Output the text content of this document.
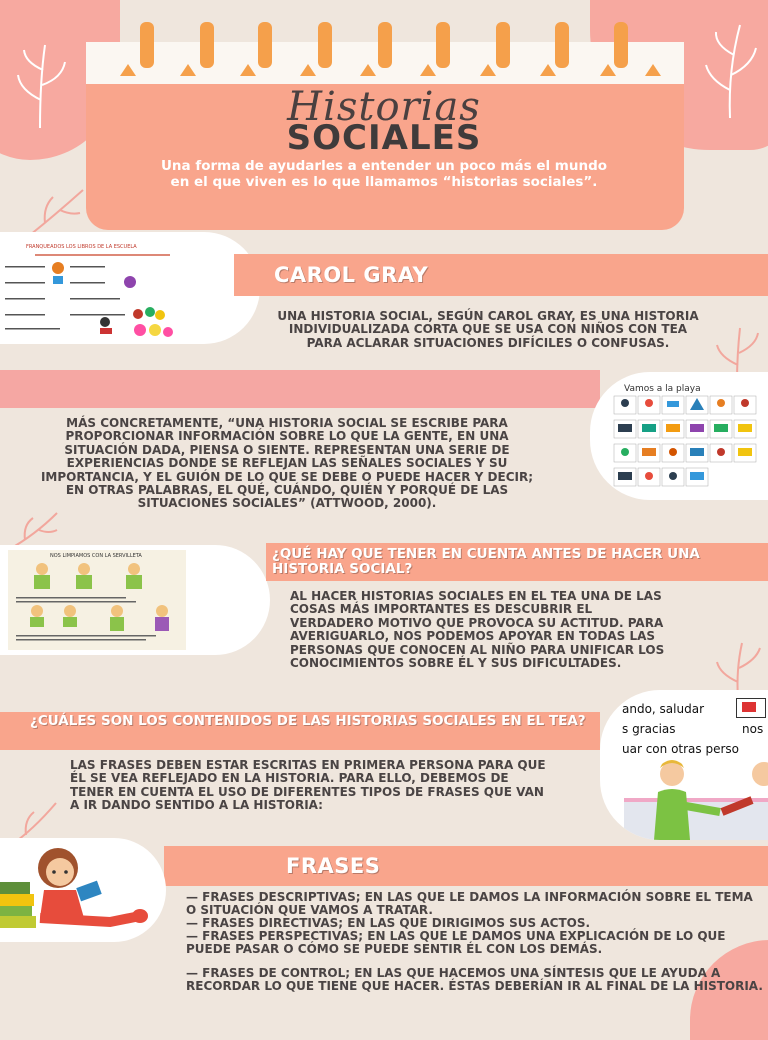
Historias
SOCIALES
Una forma de ayudarles a entender un poco más el mundo en el que viven es lo que llamamos “historias sociales”.
FRANQUEADOS LOS LIBROS DE LA ESCUELA
CAROL GRAY
UNA HISTORIA SOCIAL, SEGÚN CAROL GRAY, ES UNA HISTORIA INDIVIDUALIZADA CORTA QUE SE USA CON NIÑOS CON TEA PARA ACLARAR SITUACIONES DIFÍCILES O CONFUSAS.
Vamos a la playa
MÁS CONCRETAMENTE, “UNA HISTORIA SOCIAL SE ESCRIBE PARA PROPORCIONAR INFORMACIÓN SOBRE LO QUE LA GENTE, EN UNA SITUACIÓN DADA, PIENSA O SIENTE. REPRESENTAN UNA SERIE DE EXPERIENCIAS DONDE SE REFLEJAN LAS SEÑALES SOCIALES Y SU IMPORTANCIA, Y EL GUIÓN DE LO QUE SE DEBE O PUEDE HACER Y DECIR; EN OTRAS PALABRAS, EL QUÉ, CUÁNDO, QUIÉN Y PORQUÉ DE LAS SITUACIONES SOCIALES” (ATTWOOD, 2000).
NOS LIMPIAMOS CON LA SERVILLETA	¿QUÉ HAY QUE TENER EN CUENTA ANTES DE HACER UNA HISTORIA SOCIAL?
AL HACER HISTORIAS SOCIALES EN EL TEA UNA DE LAS COSAS MÁS IMPORTANTES ES DESCUBRIR EL VERDADERO MOTIVO QUE PROVOCA SU ACTITUD. PARA AVERIGUARLO, NOS PODEMOS APOYAR EN TODAS LAS PERSONAS QUE CONOCEN AL NIÑO PARA UNIFICAR LOS CONOCIMIENTOS SOBRE ÉL Y SUS DIFICULTADES.
¿CUÁLES SON LOS CONTENIDOS DE LAS HISTORIAS SOCIALES EN EL TEA?
LAS FRASES DEBEN ESTAR ESCRITAS EN PRIMERA PERSONA PARA QUE ÉL SE VEA REFLEJADO EN LA HISTORIA. PARA ELLO, DEBEMOS DE TENER EN CUENTA EL USO DE DIFERENTES TIPOS DE FRASES QUE VAN A IR DANDO SENTIDO A LA HISTORIA:
ando, saludar
s gracias	nos
uar con otras perso
FRASES
— FRASES DESCRIPTIVAS; EN LAS QUE LE DAMOS LA INFORMACIÓN SOBRE EL TEMA O SITUACIÓN QUE VAMOS A TRATAR.
— FRASES DIRECTIVAS; EN LAS QUE DIRIGIMOS SUS ACTOS.
— FRASES PERSPECTIVAS; EN LAS QUE LE DAMOS UNA EXPLICACIÓN DE LO QUE PUEDE PASAR O CÓMO SE PUEDE SENTIR ÉL CON LOS DEMÁS.
— FRASES DE CONTROL; EN LAS QUE HACEMOS UNA SÍNTESIS QUE LE AYUDA A RECORDAR LO QUE TIENE QUE HACER. ÉSTAS DEBERÍAN IR AL FINAL DE LA HISTORIA.
